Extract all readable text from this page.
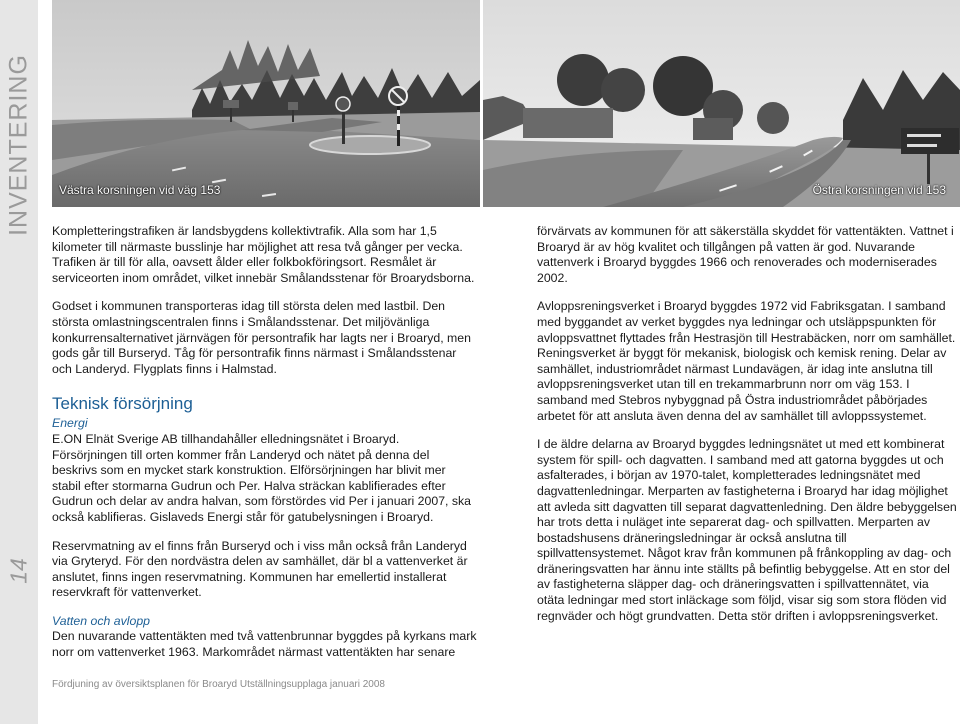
INVENTERING
14
Västra korsningen vid väg 153	Östra korsningen vid 153

Kompletteringstrafiken är landsbygdens kollektivtrafik. Alla som har 1,5 kilometer till närmaste busslinje har möjlighet att resa två gånger per vecka. Trafiken är till för alla, oavsett ålder eller folkbokföringsort. Resmålet är serviceorten inom området, vilket innebär Smålandsstenar för Broarydsborna.

Godset i kommunen transporteras idag till största delen med lastbil. Den största omlastningscentralen finns i Smålandsstenar. Det miljövänliga konkurrensalternativet järnvägen för persontrafik har lagts ner i Broaryd, men gods går till Burseryd. Tåg för persontrafik finns närmast i Smålandsstenar och Landeryd. Flygplats finns i Halmstad.

Teknisk försörjning
Energi

E.ON Elnät Sverige AB tillhandahåller elledningsnätet i Broaryd. Försörjningen till orten kommer från Landeryd och nätet på denna del beskrivs som en mycket stark konstruktion. Elförsörjningen har blivit mer stabil efter stormarna Gudrun och Per. Halva sträckan kablifierades efter Gudrun och delar av andra halvan, som förstördes vid Per i januari 2007, ska också kablifieras. Gislaveds Energi står för gatubelysningen i Broaryd.

Reservmatning av el finns från Burseryd och i viss mån också från Landeryd via Gryteryd. För den nordvästra delen av samhället, där bl a vattenverket är anslutet, finns ingen reservmatning. Kommunen har emellertid installerat reservkraft för vattenverket.

Vatten och avlopp

Den nuvarande vattentäkten med två vattenbrunnar byggdes på kyrkans mark norr om vattenverket 1963. Markområdet närmast vattentäkten har senare

förvärvats av kommunen för att säkerställa skyddet för vattentäkten. Vattnet i Broaryd är av hög kvalitet och tillgången på vatten är god. Nuvarande vattenverk i Broaryd byggdes 1966 och renoverades och moderniserades 2002.

Avloppsreningsverket i Broaryd byggdes 1972 vid Fabriksgatan. I samband med byggandet av verket byggdes nya ledningar och utsläppspunkten för avloppsvattnet flyttades från Hestrasjön till Hestrabäcken, norr om samhället. Reningsverket är byggt för mekanisk, biologisk och kemisk rening. Delar av samhället, industriområdet närmast Lundavägen, är idag inte anslutna till avloppsreningsverket utan till en trekammarbrunn norr om väg 153. I samband med Stebros nybyggnad på Östra industriområdet påbörjades arbetet för att ansluta även denna del av samhället till avloppssystemet.

I de äldre delarna av Broaryd byggdes ledningsnätet ut med ett kombinerat system för spill- och dagvatten. I samband med att gatorna byggdes ut och asfalterades, i början av 1970-talet, kompletterades ledningsnätet med dagvattenledningar. Merparten av fastigheterna i Broaryd har idag möjlighet att avleda sitt dagvatten till separat dagvattenledning. Den äldre bebyggelsen har trots detta i nuläget inte separerat dag- och spillvatten. Merparten av bostadshusens dräneringsledningar är också anslutna till spillvattensystemet. Något krav från kommunen på frånkoppling av dag- och dräneringsvatten har ännu inte ställts på befintlig bebyggelse. Att en stor del av fastigheterna släpper dag- och dräneringsvatten i spillvattennätet, via otäta ledningar med stort inläckage som följd, visar sig som stora flöden vid regnväder och högt grundvatten. Detta stör driften i avloppsreningsverket.

Fördjuning av översiktsplanen för Broaryd Utställningsupplaga januari 2008
